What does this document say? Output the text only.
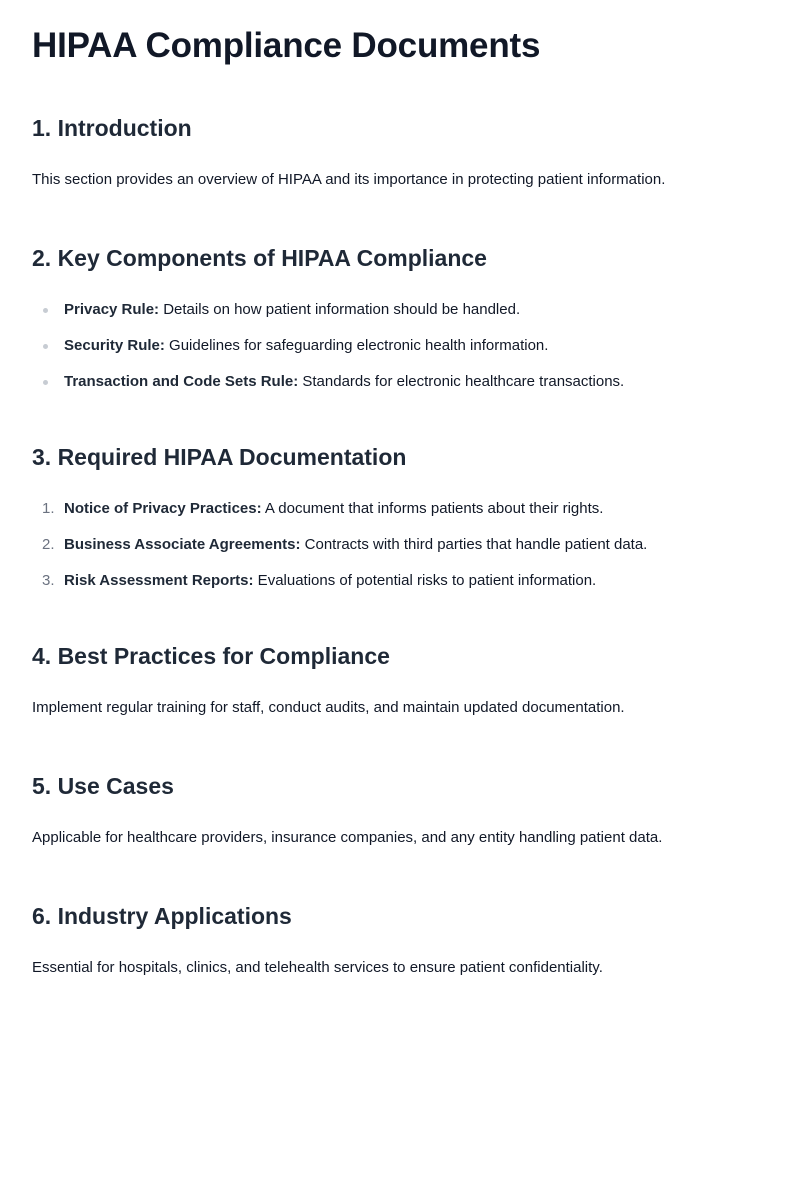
HIPAA Compliance Documents
1. Introduction

This section provides an overview of HIPAA and its importance in protecting patient information.

2. Key Components of HIPAA Compliance
Privacy Rule: Details on how patient information should be handled.
Security Rule: Guidelines for safeguarding electronic health information.
Transaction and Code Sets Rule: Standards for electronic healthcare transactions.
3. Required HIPAA Documentation
1. Notice of Privacy Practices: A document that informs patients about their rights.
2. Business Associate Agreements: Contracts with third parties that handle patient data.
3. Risk Assessment Reports: Evaluations of potential risks to patient information.
4. Best Practices for Compliance

Implement regular training for staff, conduct audits, and maintain updated documentation.

5. Use Cases

Applicable for healthcare providers, insurance companies, and any entity handling patient data.

6. Industry Applications

Essential for hospitals, clinics, and telehealth services to ensure patient confidentiality.
